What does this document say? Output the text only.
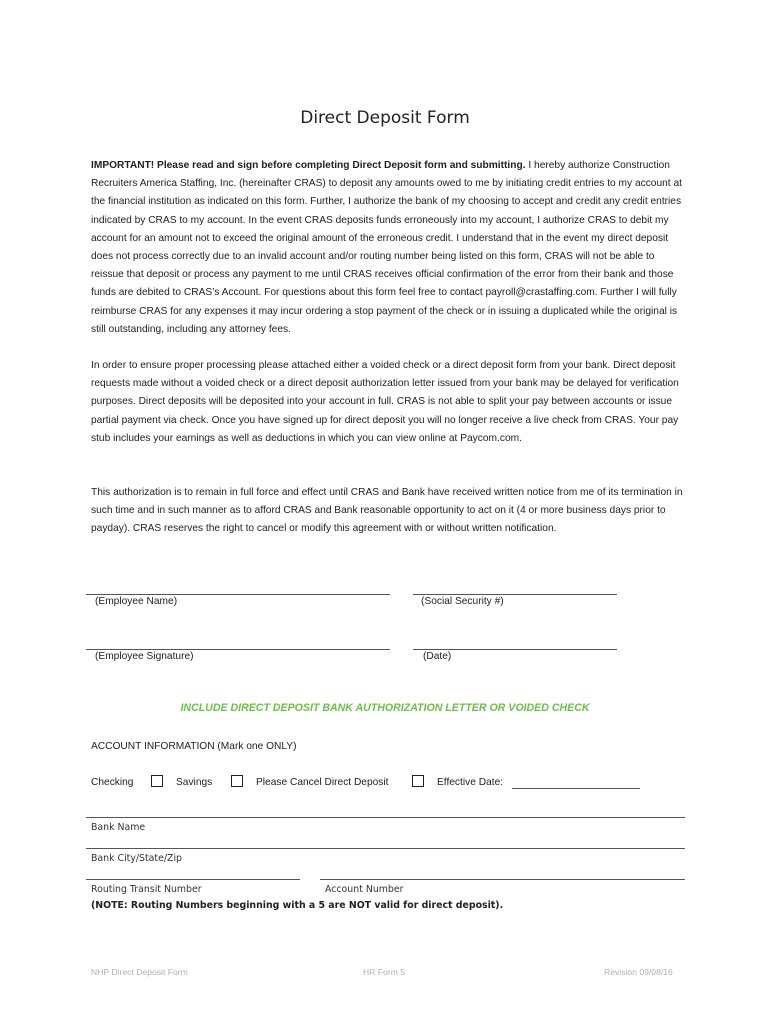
Direct Deposit Form

IMPORTANT! Please read and sign before completing Direct Deposit form and submitting. I hereby authorize Construction Recruiters America Staffing, Inc. (hereinafter CRAS) to deposit any amounts owed to me by initiating credit entries to my account at the financial institution as indicated on this form. Further, I authorize the bank of my choosing to accept and credit any credit entries indicated by CRAS to my account. In the event CRAS deposits funds erroneously into my account, I authorize CRAS to debit my account for an amount not to exceed the original amount of the erroneous credit. I understand that in the event my direct deposit does not process correctly due to an invalid account and/or routing number being listed on this form, CRAS will not be able to reissue that deposit or process any payment to me until CRAS receives official confirmation of the error from their bank and those funds are debited to CRAS’s Account. For questions about this form feel free to contact payroll@crastaffing.com. Further I will fully reimburse CRAS for any expenses it may incur ordering a stop payment of the check or in issuing a duplicated while the original is still outstanding, including any attorney fees.

In order to ensure proper processing please attached either a voided check or a direct deposit form from your bank. Direct deposit requests made without a voided check or a direct deposit authorization letter issued from your bank may be delayed for verification purposes. Direct deposits will be deposited into your account in full. CRAS is not able to split your pay between accounts or issue partial payment via check. Once you have signed up for direct deposit you will no longer receive a live check from CRAS. Your pay stub includes your earnings as well as deductions in which you can view online at Paycom.com.

This authorization is to remain in full force and effect until CRAS and Bank have received written notice from me of its termination in such time and in such manner as to afford CRAS and Bank reasonable opportunity to act on it (4 or more business days prior to payday). CRAS reserves the right to cancel or modify this agreement with or without written notification.

(Employee Name)	(Social Security #)
(Employee Signature)	(Date)
INCLUDE DIRECT DEPOSIT BANK AUTHORIZATION LETTER OR VOIDED CHECK
ACCOUNT INFORMATION (Mark one ONLY)
Checking	Savings	Please Cancel Direct Deposit	Effective Date:
Bank Name
Bank City/State/Zip
Routing Transit Number	Account Number
(NOTE: Routing Numbers beginning with a 5 are NOT valid for direct deposit).
NHP Direct Deposit Form	HR Form 5	Revision 09/08/16
